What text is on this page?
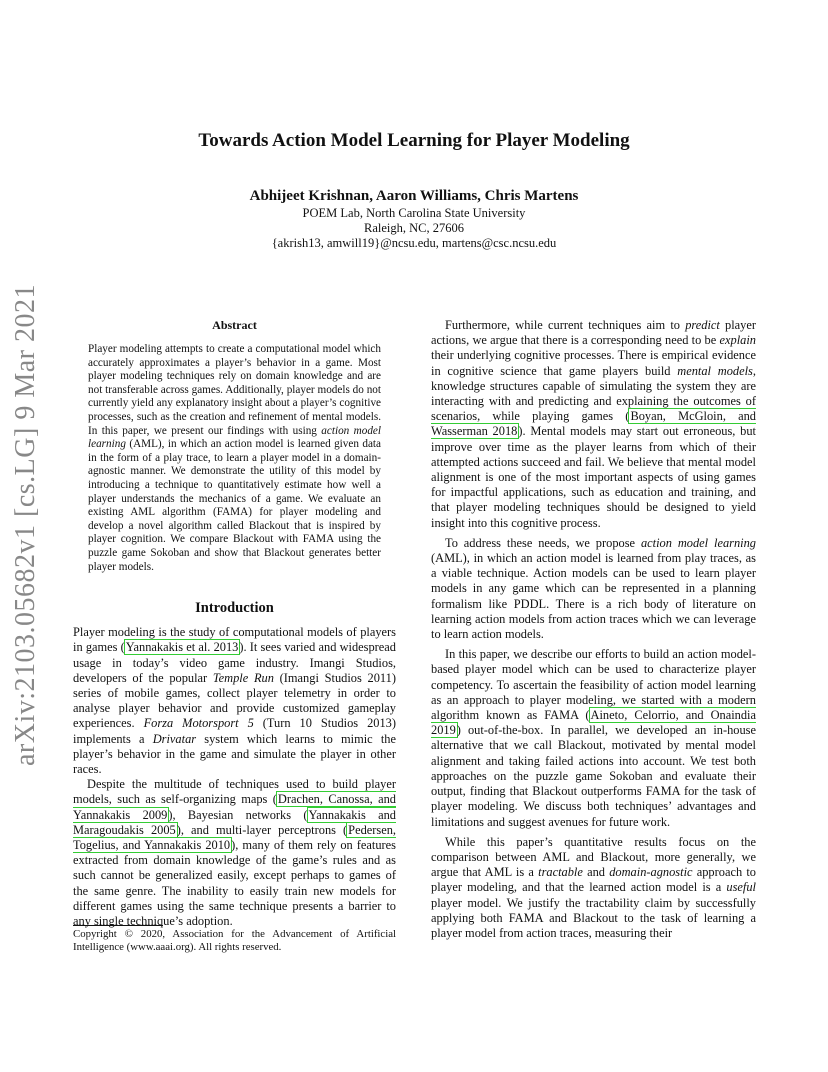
arXiv:2103.05682v1 [cs.LG] 9 Mar 2021
Towards Action Model Learning for Player Modeling
Abhijeet Krishnan, Aaron Williams, Chris Martens
POEM Lab, North Carolina State University
Raleigh, NC, 27606
{akrish13, amwill19}@ncsu.edu, martens@csc.ncsu.edu
Abstract
Player modeling attempts to create a computational model which accurately approximates a player’s behavior in a game. Most player modeling techniques rely on domain knowledge and are not transferable across games. Additionally, player models do not currently yield any explanatory insight about a player’s cognitive processes, such as the creation and refinement of mental models. In this paper, we present our findings with using action model learning (AML), in which an action model is learned given data in the form of a play trace, to learn a player model in a domain-agnostic manner. We demonstrate the utility of this model by introducing a technique to quantitatively estimate how well a player understands the mechanics of a game. We evaluate an existing AML algorithm (FAMA) for player modeling and develop a novel algorithm called Blackout that is inspired by player cognition. We compare Blackout with FAMA using the puzzle game Sokoban and show that Blackout generates better player models.
Introduction

Player modeling is the study of computational models of players in games (Yannakakis et al. 2013). It sees varied and widespread usage in today’s video game industry. Imangi Studios, developers of the popular Temple Run (Imangi Studios 2011) series of mobile games, collect player telemetry in order to analyse player behavior and provide customized gameplay experiences. Forza Motorsport 5 (Turn 10 Studios 2013) implements a Drivatar system which learns to mimic the player’s behavior in the game and simulate the player in other races.

Despite the multitude of techniques used to build player models, such as self-organizing maps (Drachen, Canossa, and Yannakakis 2009), Bayesian networks (Yannakakis and Maragoudakis 2005), and multi-layer perceptrons (Pedersen, Togelius, and Yannakakis 2010), many of them rely on features extracted from domain knowledge of the game’s rules and as such cannot be generalized easily, except perhaps to games of the same genre. The inability to easily train new models for different games using the same technique presents a barrier to any single technique’s adoption.

Copyright © 2020, Association for the Advancement of Artificial Intelligence (www.aaai.org). All rights reserved.

Furthermore, while current techniques aim to predict player actions, we argue that there is a corresponding need to be explain their underlying cognitive processes. There is empirical evidence in cognitive science that game players build mental models, knowledge structures capable of simulating the system they are interacting with and predicting and explaining the outcomes of scenarios, while playing games (Boyan, McGloin, and Wasserman 2018). Mental models may start out erroneous, but improve over time as the player learns from which of their attempted actions succeed and fail. We believe that mental model alignment is one of the most important aspects of using games for impactful applications, such as education and training, and that player modeling techniques should be designed to yield insight into this cognitive process.

To address these needs, we propose action model learning (AML), in which an action model is learned from play traces, as a viable technique. Action models can be used to learn player models in any game which can be represented in a planning formalism like PDDL. There is a rich body of literature on learning action models from action traces which we can leverage to learn action models.

In this paper, we describe our efforts to build an action model-based player model which can be used to characterize player competency. To ascertain the feasibility of action model learning as an approach to player modeling, we started with a modern algorithm known as FAMA (Aineto, Celorrio, and Onaindia 2019) out-of-the-box. In parallel, we developed an in-house alternative that we call Blackout, motivated by mental model alignment and taking failed actions into account. We test both approaches on the puzzle game Sokoban and evaluate their output, finding that Blackout outperforms FAMA for the task of player modeling. We discuss both techniques’ advantages and limitations and suggest avenues for future work.

While this paper’s quantitative results focus on the comparison between AML and Blackout, more generally, we argue that AML is a tractable and domain-agnostic approach to player modeling, and that the learned action model is a useful player model. We justify the tractability claim by successfully applying both FAMA and Blackout to the task of learning a player model from action traces, measuring their
